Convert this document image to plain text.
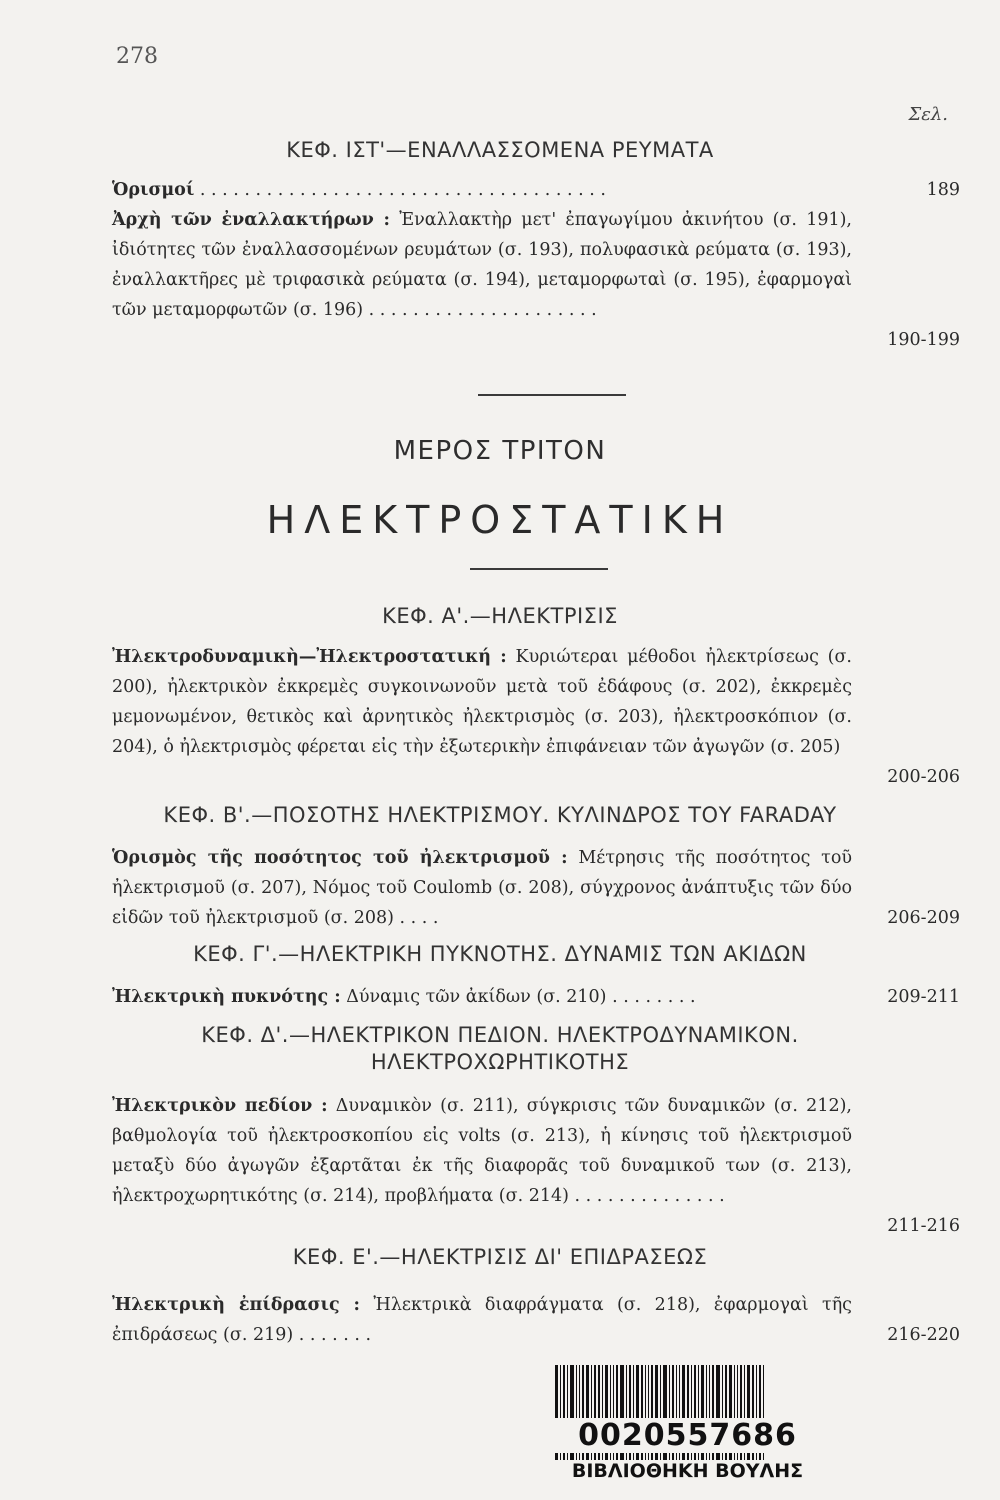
278
Σελ.
ΚΕΦ. ΙΣΤ'—ΕΝΑΛΛΑΣΣΟΜΕΝΑ ΡΕΥΜΑΤΑ
Ὁρισμοί . . . . . . . . . . . . . . . . . . . . . . . . . . . . . . . . . . . . .	189
Ἀρχὴ τῶν ἐναλλακτήρων : Ἐναλλακτὴρ μετ' ἐπαγωγίμου ἀκινήτου (σ. 191), ἰδιότητες τῶν ἐναλλασσομένων ρευμάτων (σ. 193), πολυφασικὰ ρεύματα (σ. 193), ἐναλλακτῆρες μὲ τριφασικὰ ρεύματα (σ. 194), μεταμορφωταὶ (σ. 195), ἐφαρμογαὶ τῶν μεταμορφωτῶν (σ. 196) . . . . . . . . . . . . . . . . . . . . .
190-199
ΜΕΡΟΣ ΤΡΙΤΟΝ
ΗΛΕΚΤΡΟΣΤΑΤΙΚΗ
ΚΕΦ. Α'.—ΗΛΕΚΤΡΙΣΙΣ
Ἠλεκτροδυναμικὴ—Ἠλεκτροστατική : Κυριώτεραι μέθοδοι ἠλεκτρίσεως (σ. 200), ἠλεκτρικὸν ἐκκρεμὲς συγκοινωνοῦν μετὰ τοῦ ἐδάφους (σ. 202), ἐκκρεμὲς μεμονωμένον, θετικὸς καὶ ἀρνητικὸς ἠλεκτρισμὸς (σ. 203), ἠλεκτροσκόπιον (σ. 204), ὁ ἠλεκτρισμὸς φέρεται εἰς τὴν ἐξωτερικὴν ἐπιφάνειαν τῶν ἀγωγῶν (σ. 205)
200-206
ΚΕΦ. Β'.—ΠΟΣΟΤΗΣ ΗΛΕΚΤΡΙΣΜΟΥ. ΚΥΛΙΝΔΡΟΣ ΤΟΥ FARADAY
Ὁρισμὸς τῆς ποσότητος τοῦ ἠλεκτρισμοῦ : Μέτρησις τῆς ποσότητος τοῦ ἠλεκτρισμοῦ (σ. 207), Νόμος τοῦ Coulomb (σ. 208), σύγχρονος ἀνάπτυξις τῶν δύο εἰδῶν τοῦ ἠλεκτρισμοῦ (σ. 208) . . . .	206-209
ΚΕΦ. Γ'.—ΗΛΕΚΤΡΙΚΗ ΠΥΚΝΟΤΗΣ. ΔΥΝΑΜΙΣ ΤΩΝ ΑΚΙΔΩΝ
Ἠλεκτρικὴ πυκνότης : Δύναμις τῶν ἀκίδων (σ. 210) . . . . . . . .	209-211
ΚΕΦ. Δ'.—ΗΛΕΚΤΡΙΚΟΝ ΠΕΔΙΟΝ. ΗΛΕΚΤΡΟΔΥΝΑΜΙΚΟΝ.
ΗΛΕΚΤΡΟΧΩΡΗΤΙΚΟΤΗΣ
Ἠλεκτρικὸν πεδίον : Δυναμικὸν (σ. 211), σύγκρισις τῶν δυναμικῶν (σ. 212), βαθμολογία τοῦ ἠλεκτροσκοπίου εἰς volts (σ. 213), ἡ κίνησις τοῦ ἠλεκτρισμοῦ μεταξὺ δύο ἀγωγῶν ἐξαρτᾶται ἐκ τῆς διαφορᾶς τοῦ δυναμικοῦ των (σ. 213), ἠλεκτροχωρητικότης (σ. 214), προβλήματα (σ. 214) . . . . . . . . . . . . . .
211-216
ΚΕΦ. Ε'.—ΗΛΕΚΤΡΙΣΙΣ ΔΙ' ΕΠΙΔΡΑΣΕΩΣ
Ἠλεκτρικὴ ἐπίδρασις : Ἠλεκτρικὰ διαφράγματα (σ. 218), ἐφαρμογαὶ τῆς ἐπιδράσεως (σ. 219) . . . . . . .	216-220
0020557686
ΒΙΒΛΙΟΘΗΚΗ ΒΟΥΛΗΣ
